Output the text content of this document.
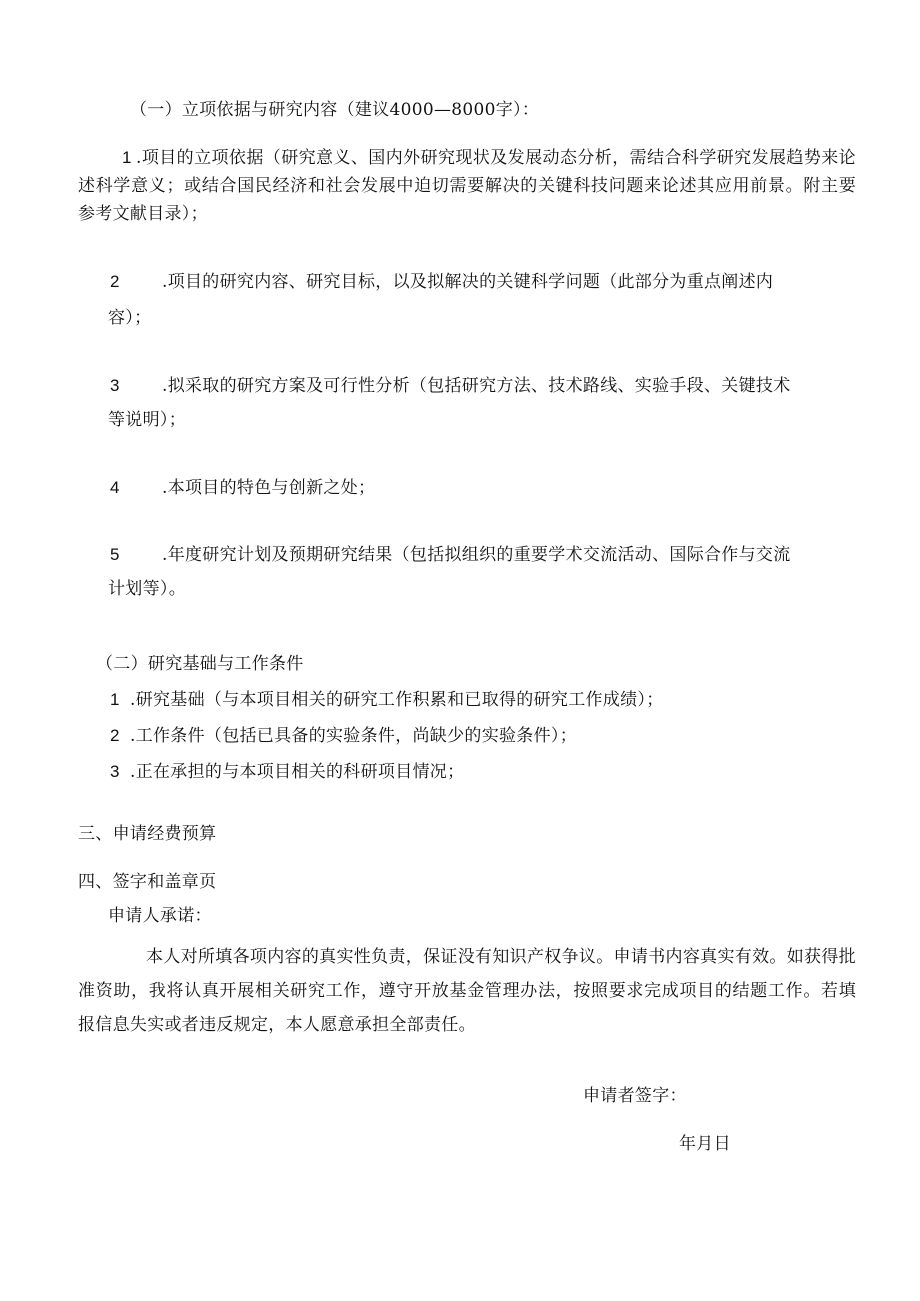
（一）立项依据与研究内容（建议4000—8000字）：
1 .项目的立项依据（研究意义、国内外研究现状及发展动态分析，需结合科学研究发展趋势来论述科学意义；或结合国民经济和社会发展中迫切需要解决的关键科技问题来论述其应用前景。附主要参考文献目录）；
2	.项目的研究内容、研究目标，以及拟解决的关键科学问题（此部分为重点阐述内
容）；
3	.拟采取的研究方案及可行性分析（包括研究方法、技术路线、实验手段、关键技术
等说明）；
4	.本项目的特色与创新之处；
5	.年度研究计划及预期研究结果（包括拟组织的重要学术交流活动、国际合作与交流
计划等）。
（二）研究基础与工作条件
1 .研究基础（与本项目相关的研究工作积累和已取得的研究工作成绩）；
2 .工作条件（包括已具备的实验条件，尚缺少的实验条件）；
3 .正在承担的与本项目相关的科研项目情况；
三、申请经费预算
四、签字和盖章页
申请人承诺：
本人对所填各项内容的真实性负责，保证没有知识产权争议。申请书内容真实有效。如获得批准资助，我将认真开展相关研究工作，遵守开放基金管理办法，按照要求完成项目的结题工作。若填报信息失实或者违反规定，本人愿意承担全部责任。
申请者签字：
年月日
